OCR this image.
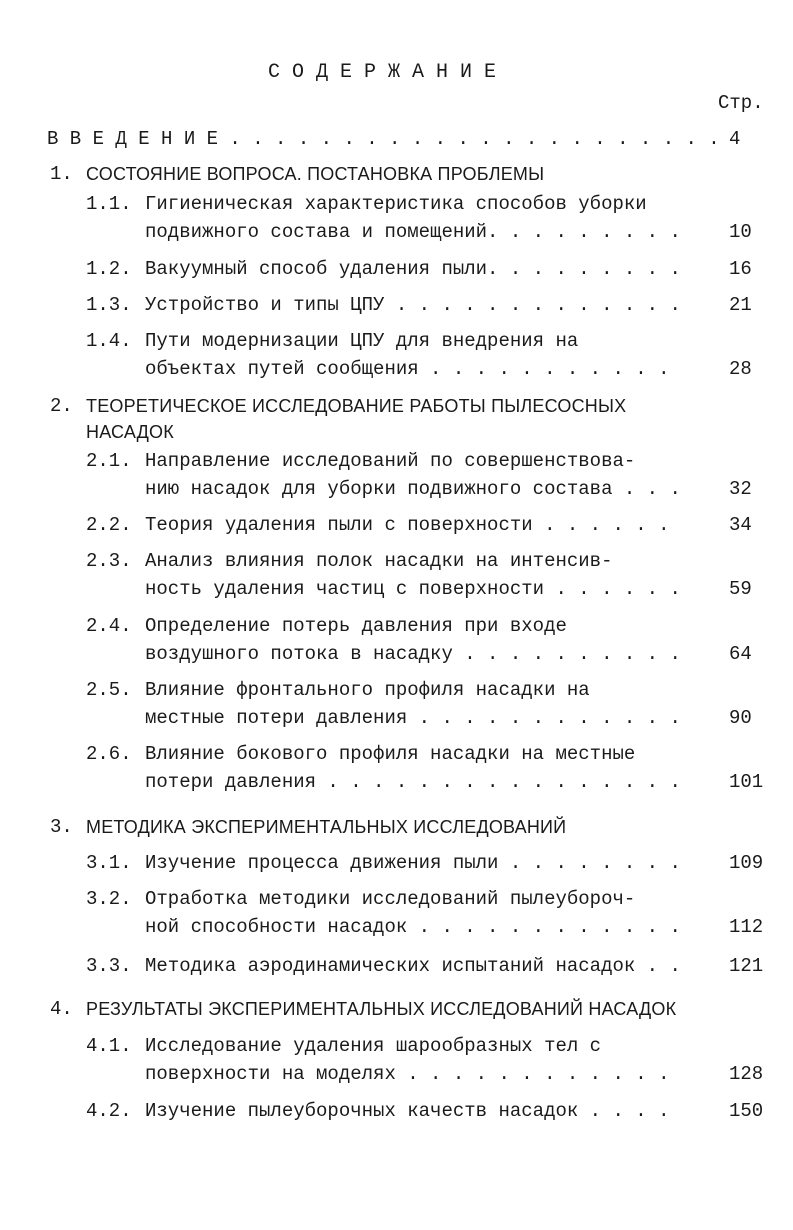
С О Д Е Р Ж А Н И Е
Стр.
В В Е Д Е Н И Е . . . . . . . . . . . . . . . . . . . . . . 4
1. СОСТОЯНИЕ ВОПРОСА. ПОСТАНОВКА ПРОБЛЕМЫ
1.1. Гигиеническая характеристика способов уборки
подвижного состава и помещений. . . . . . . . .	10
1.2. Вакуумный способ удаления пыли. . . . . . . . .	16
1.3. Устройство и типы ЦПУ . . . . . . . . . . . . .	21
1.4. Пути модернизации ЦПУ для внедрения на
объектах путей сообщения . . . . . . . . . . .	28
2. ТЕОРЕТИЧЕСКОЕ ИССЛЕДОВАНИЕ РАБОТЫ ПЫЛЕСОСНЫХ
НАСАДОК
2.1. Направление исследований по совершенствова-
нию насадок для уборки подвижного состава . . .	32
2.2. Теория удаления пыли с поверхности . . . . . .	34
2.3. Анализ влияния полок насадки на интенсив-
ность удаления частиц с поверхности . . . . . .	59
2.4. Определение потерь давления при входе
воздушного потока в насадку . . . . . . . . . .	64
2.5. Влияние фронтального профиля насадки на
местные потери давления . . . . . . . . . . . .	90
2.6. Влияние бокового профиля насадки на местные
потери давления . . . . . . . . . . . . . . . .	101
3. МЕТОДИКА ЭКСПЕРИМЕНТАЛЬНЫХ ИССЛЕДОВАНИЙ
3.1. Изучение процесса движения пыли . . . . . . . .	109
3.2. Отработка методики исследований пылеубороч-
ной способности насадок . . . . . . . . . . . .	112
3.3. Методика аэродинамических испытаний насадок . .	121
4. РЕЗУЛЬТАТЫ ЭКСПЕРИМЕНТАЛЬНЫХ ИССЛЕДОВАНИЙ НАСАДОК
4.1. Исследование удаления шарообразных тел с
поверхности на моделях . . . . . . . . . . . .	128
4.2. Изучение пылеуборочных качеств насадок . . . .	150
